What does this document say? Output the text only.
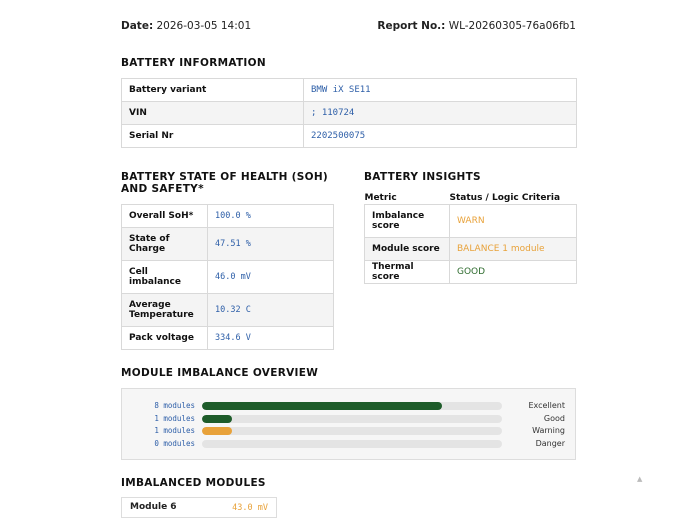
Date: 2026-03-05 14:01	Report No.: WL-20260305-76a06fb1
BATTERY INFORMATION
Battery variant	BMW iX SE11
VIN	; 110724
Serial Nr	2202500075
BATTERY STATE OF HEALTH (SOH) AND SAFETY*
Overall SoH*	100.0 %
State of Charge	47.51 %
Cell imbalance	46.0 mV
Average Temperature	10.32 C
Pack voltage	334.6 V
BATTERY INSIGHTS
Metric	Status / Logic Criteria
Imbalance score	WARN
Module score	BALANCE 1 module
Thermal score	GOOD
MODULE IMBALANCE OVERVIEW
8 modules	Excellent
1 modules	Good
1 modules	Warning
0 modules	Danger
IMBALANCED MODULES
Module 6	43.0 mV
▲
